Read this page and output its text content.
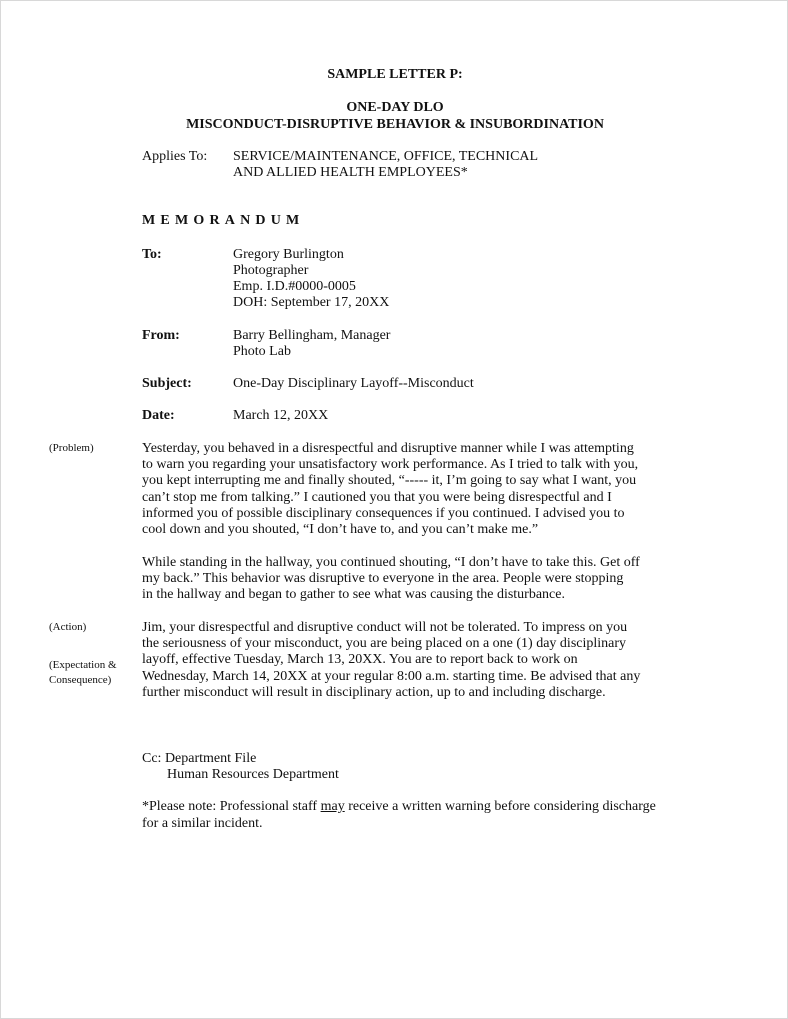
SAMPLE LETTER P:
ONE-DAY DLO
MISCONDUCT-DISRUPTIVE BEHAVIOR & INSUBORDINATION
Applies To: SERVICE/MAINTENANCE, OFFICE, TECHNICAL
AND ALLIED HEALTH EMPLOYEES*
MEMORANDUM
To:	Gregory Burlington
Photographer
Emp. I.D.#0000-0005
DOH: September 17, 20XX
From:	Barry Bellingham, Manager
Photo Lab
Subject:	One-Day Disciplinary Layoff--Misconduct
Date:	March 12, 20XX
(Problem)	Yesterday, you behaved in a disrespectful and disruptive manner while I was attempting
to warn you regarding your unsatisfactory work performance. As I tried to talk with you,
you kept interrupting me and finally shouted, “----- it, I’m going to say what I want, you
can’t stop me from talking.” I cautioned you that you were being disrespectful and I
informed you of possible disciplinary consequences if you continued. I advised you to
cool down and you shouted, “I don’t have to, and you can’t make me.”
While standing in the hallway, you continued shouting, “I don’t have to take this. Get off
my back.” This behavior was disruptive to everyone in the area. People were stopping
in the hallway and began to gather to see what was causing the disturbance.
(Action)
(Expectation &
Consequence)
Jim, your disrespectful and disruptive conduct will not be tolerated. To impress on you
the seriousness of your misconduct, you are being placed on a one (1) day disciplinary
layoff, effective Tuesday, March 13, 20XX. You are to report back to work on
Wednesday, March 14, 20XX at your regular 8:00 a.m. starting time. Be advised that any
further misconduct will result in disciplinary action, up to and including discharge.
Cc: Department File
Human Resources Department
*Please note: Professional staff may receive a written warning before considering discharge
for a similar incident.
